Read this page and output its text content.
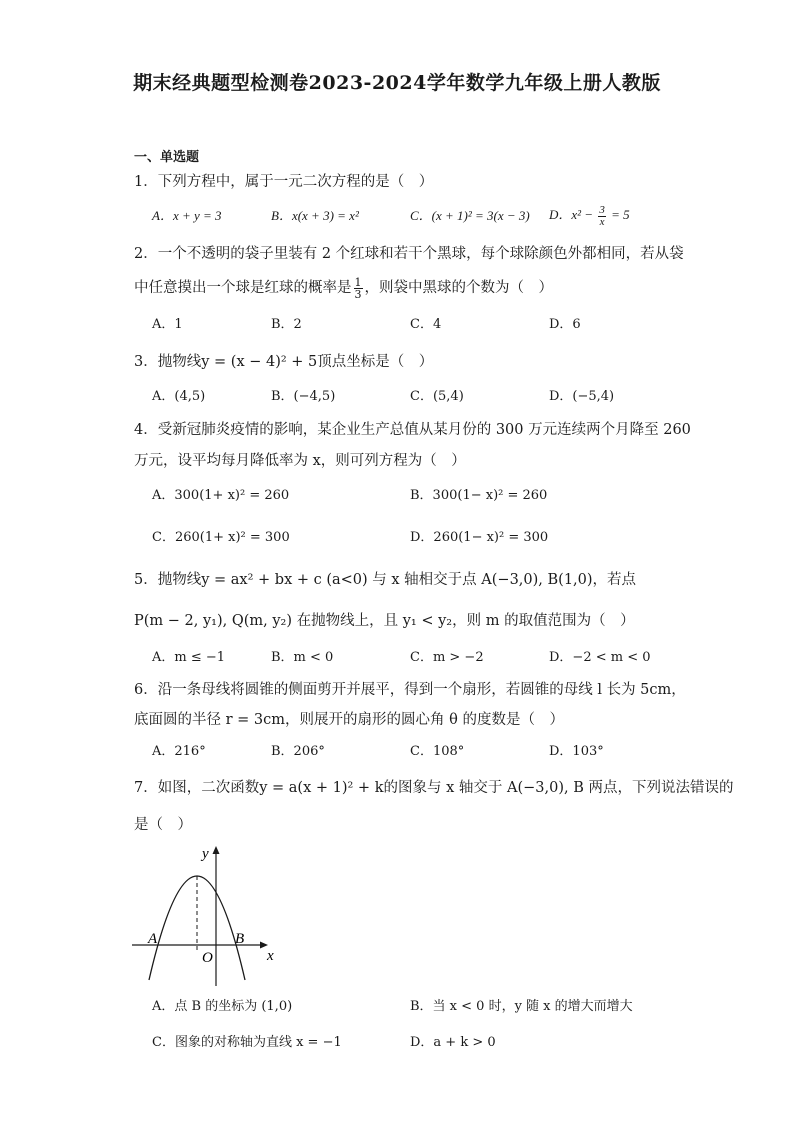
期末经典题型检测卷2023-2024学年数学九年级上册人教版
一、单选题
1．下列方程中，属于一元二次方程的是（　）
A．x + y = 3	B．x(x + 3) = x²	C．(x + 1)² = 3(x − 3) D．$x^2 - \frac{3}{x} = 5$
2．一个不透明的袋子里装有 2 个红球和若干个黑球，每个球除颜色外都相同，若从袋
中任意摸出一个球是红球的概率是 $\frac{1}{3}$ ，则袋中黑球的个数为（　）
A．1	B．2	C．4	D．6
3．抛物线y = (x − 4)² + 5顶点坐标是（　）
A．(4,5)	B．(−4,5)	C．(5,4)	D．(−5,4)
4．受新冠肺炎疫情的影响，某企业生产总值从某月份的 300 万元连续两个月降至 260
万元，设平均每月降低率为 x，则可列方程为（　）
A．300(1+ x)² = 260	B．300(1− x)² = 260
C．260(1+ x)² = 300	D．260(1− x)² = 300
5．抛物线y = ax² + bx + c (a<0) 与 x 轴相交于点 A(−3,0), B(1,0)，若点
P(m − 2, y₁), Q(m, y₂) 在抛物线上，且 y₁ < y₂，则 m 的取值范围为（　）
A．m ≤ −1	B．m < 0	C．m > −2	D．−2 < m < 0
6．沿一条母线将圆锥的侧面剪开并展平，得到一个扇形，若圆锥的母线 l 长为 5cm，
底面圆的半径 r = 3cm，则展开的扇形的圆心角 θ 的度数是（　）
A．216°	B．206°	C．108°	D．103°
7．如图，二次函数y = a(x + 1)² + k的图象与 x 轴交于 A(−3,0), B 两点，下列说法错误的
是（　）
y
x
A	B
O
A．点 B 的坐标为 (1,0)	B．当 x < 0 时，y 随 x 的增大而增大
C．图象的对称轴为直线 x = −1	D．a + k > 0
